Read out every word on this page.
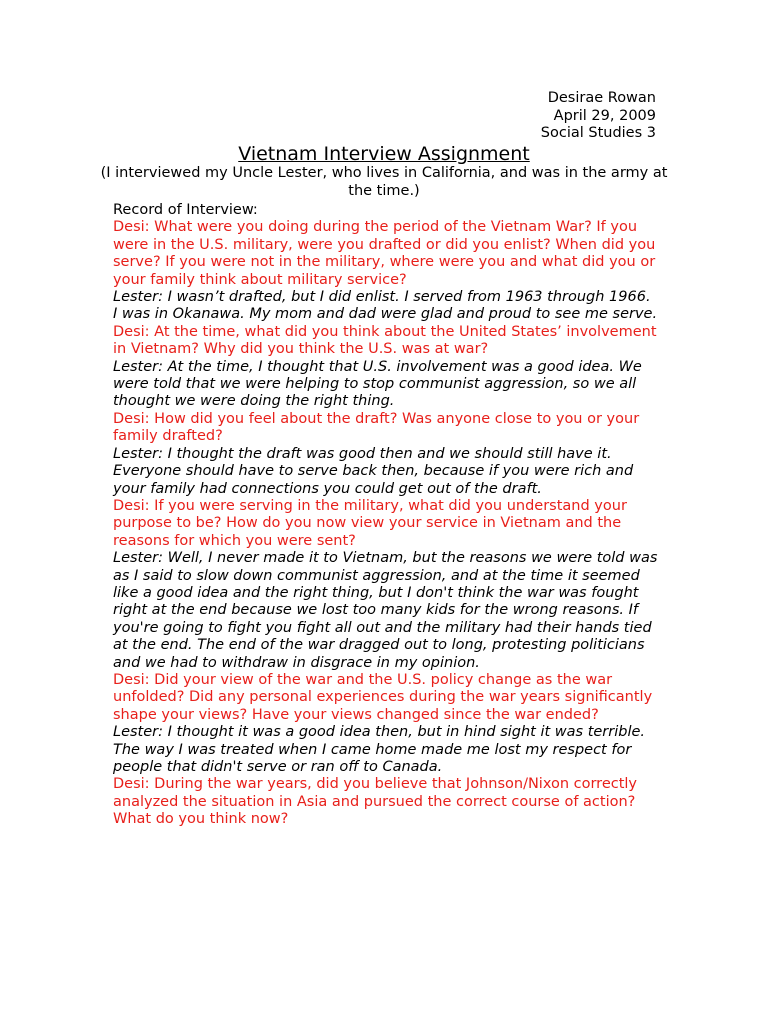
Desirae Rowan
April 29, 2009
Social Studies 3
Vietnam Interview Assignment
(I interviewed my Uncle Lester, who lives in California, and was in the army at the time.)
Record of Interview:

Desi: What were you doing during the period of the Vietnam War? If you were in the U.S. military, were you drafted or did you enlist? When did you serve? If you were not in the military, where were you and what did you or your family think about military service?

Lester: I wasn’t drafted, but I did enlist. I served from 1963 through 1966. I was in Okanawa. My mom and dad were glad and proud to see me serve.

Desi: At the time, what did you think about the United States’ involvement in Vietnam? Why did you think the U.S. was at war?

Lester: At the time, I thought that U.S. involvement was a good idea. We were told that we were helping to stop communist aggression, so we all thought we were doing the right thing.

Desi: How did you feel about the draft? Was anyone close to you or your family drafted?

Lester: I thought the draft was good then and we should still have it. Everyone should have to serve back then, because if you were rich and your family had connections you could get out of the draft.

Desi: If you were serving in the military, what did you understand your purpose to be? How do you now view your service in Vietnam and the reasons for which you were sent?

Lester: Well, I never made it to Vietnam, but the reasons we were told was as I said to slow down communist aggression, and at the time it seemed like a good idea and the right thing, but I don't think the war was fought right at the end because we lost too many kids for the wrong reasons. If you're going to fight you fight all out and the military had their hands tied at the end. The end of the war dragged out to long, protesting politicians and we had to withdraw in disgrace in my opinion.

Desi: Did your view of the war and the U.S. policy change as the war unfolded? Did any personal experiences during the war years significantly shape your views? Have your views changed since the war ended?

Lester: I thought it was a good idea then, but in hind sight it was terrible. The way I was treated when I came home made me lost my respect for people that didn't serve or ran off to Canada.

Desi: During the war years, did you believe that Johnson/Nixon correctly analyzed the situation in Asia and pursued the correct course of action? What do you think now?
